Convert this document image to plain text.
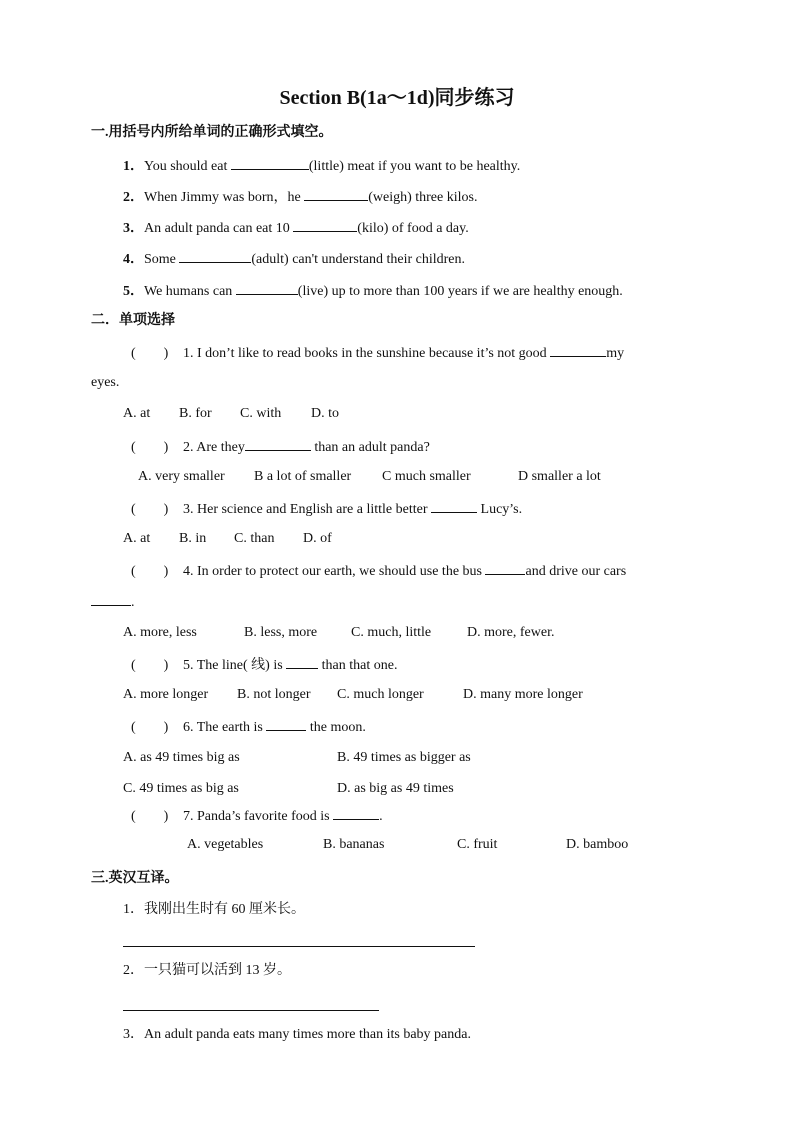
Section B(1a～1d)同步练习
一.用括号内所给单词的正确形式填空。
1．You should eat	(little) meat if you want to be healthy.
2．When Jimmy was born，he	(weigh) three kilos.
3．An adult panda can eat 10	(kilo) of food a day.
4．Some	(adult) can't understand their children.
5．We humans can	(live) up to more than 100 years if we are healthy enough.
二．单项选择
( ) 1. I don’t like to read books in the sunshine because it’s not good	my
eyes.
A. at B. for C. with D. to
( ) 2. Are they	than an adult panda?
A. very smaller B a lot of smaller C much smaller	D smaller a lot
( ) 3. Her science and English are a little better	Lucy’s.
A. at B. in C. than D. of
( ) 4. In order to protect our earth, we should use the bus	and drive our cars
.
A. more, less	B. less, more C. much, little	D. more, fewer.
( ) 5. The line( 线) is  than that one.
A. more longer B. not longer C. much longer	D. many more longer
( ) 6. The earth is	the moon.
A. as 49 times big as	B. 49 times as bigger as
C. 49 times as big as	D. as big as 49 times
( ) 7. Panda’s favorite food is	.
A. vegetables	B. bananas	C. fruit	D. bamboo
三.英汉互译。
1．我刚出生时有 60 厘米长。
2．一只猫可以活到 13 岁。
3．An adult panda eats many times more than its baby panda.
